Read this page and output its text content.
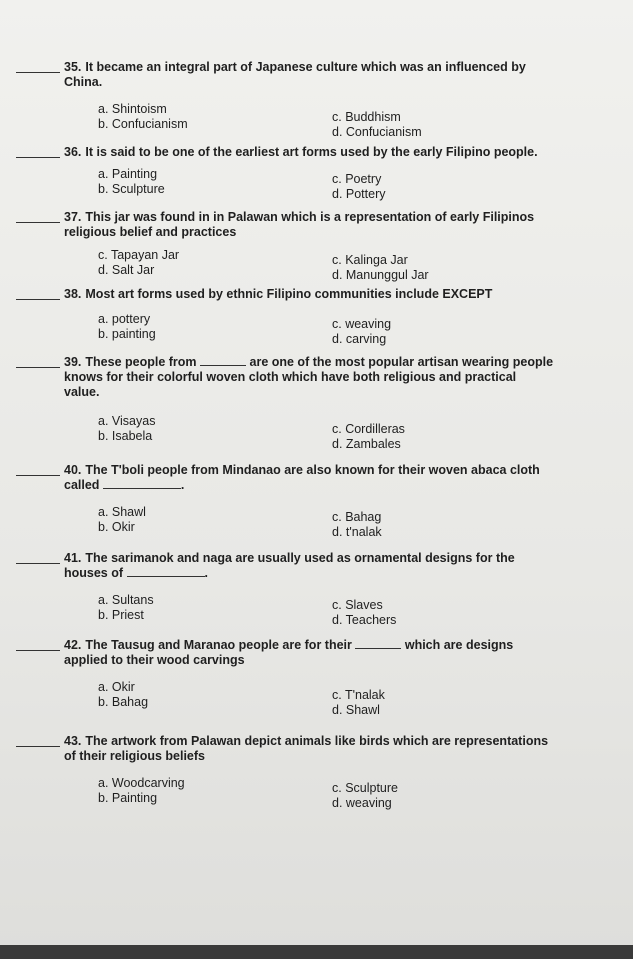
35. It became an integral part of Japanese culture which was an influenced by
China.
a. Shintoism
b. Confucianism	c. Buddhism
d. Confucianism
36. It is said to be one of the earliest art forms used by the early Filipino people.
a. Painting
b. Sculpture
c. Poetry
d. Pottery
37. This jar was found in in Palawan which is a representation of early Filipinos
religious belief and practices
c. Tapayan Jar
d. Salt Jar
c. Kalinga Jar
d. Manunggul Jar
38. Most art forms used by ethnic Filipino communities include EXCEPT
a. pottery
b. painting
c. weaving
d. carving
39. These people from	are one of the most popular artisan wearing people
knows for their colorful woven cloth which have both religious and practical
value.
a. Visayas
b. Isabela	c. Cordilleras
d. Zambales
40. The T'boli people from Mindanao are also known for their woven abaca cloth
called	.
a. Shawl
b. Okir
c. Bahag
d. t'nalak
41. The sarimanok and naga are usually used as ornamental designs for the
houses of	.
a. Sultans
b. Priest
c. Slaves
d. Teachers
42. The Tausug and Maranao people are for their	which are designs
applied to their wood carvings
a. Okir
b. Bahag	c. T'nalak
d. Shawl
43. The artwork from Palawan depict animals like birds which are representations
of their religious beliefs
a. Woodcarving
b. Painting
c. Sculpture
d. weaving
